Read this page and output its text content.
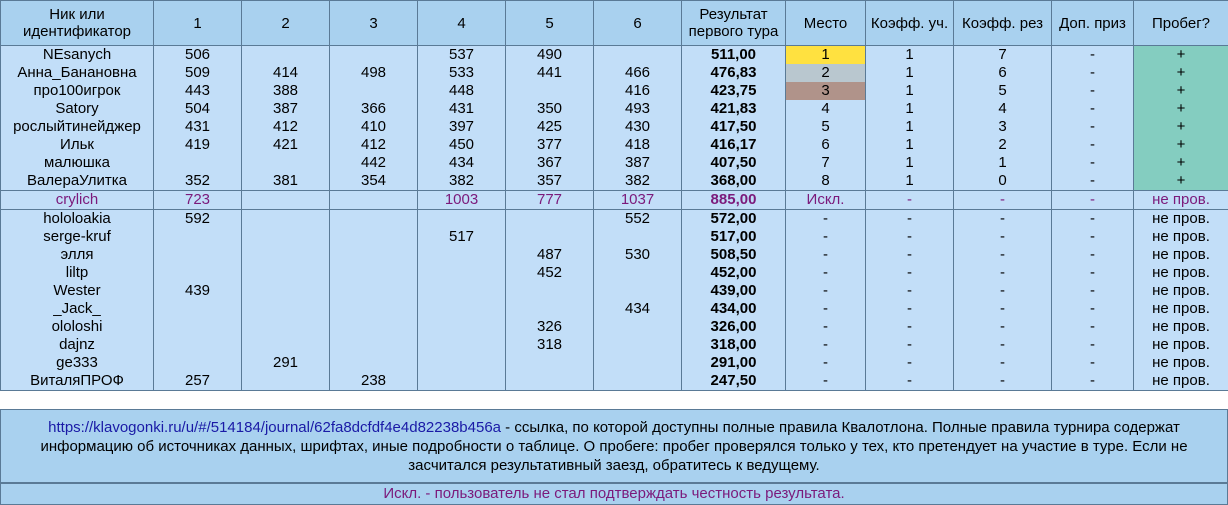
Ник или
идентификатор	1	2	3	4	5	6	Результат
первого тура	Место	Коэфф. уч.	Коэфф. рез	Доп. приз	Пробег?
NEsanych	506			537	490		511,00	1	1	7	-	+
Анна_Банановна	509	414	498	533	441	466	476,83	2	1	6	-	+
про100игрок	443	388		448		416	423,75	3	1	5	-	+
Satory	504	387	366	431	350	493	421,83	4	1	4	-	+
рослыйтинейджер	431	412	410	397	425	430	417,50	5	1	3	-	+
Ильк	419	421	412	450	377	418	416,17	6	1	2	-	+
малюшка			442	434	367	387	407,50	7	1	1	-	+
ВалераУлитка	352	381	354	382	357	382	368,00	8	1	0	-	+
crylich	723			1003	777	1037	885,00	Искл.	-	-	-	не пров.
hololoakia	592					552	572,00	-	-	-	-	не пров.
serge-kruf				517			517,00	-	-	-	-	не пров.
элля					487	530	508,50	-	-	-	-	не пров.
liltp					452		452,00	-	-	-	-	не пров.
Wester	439						439,00	-	-	-	-	не пров.
_Jack_						434	434,00	-	-	-	-	не пров.
ololoshi					326		326,00	-	-	-	-	не пров.
dajnz					318		318,00	-	-	-	-	не пров.
ge333		291					291,00	-	-	-	-	не пров.
ВиталяПРОФ	257		238				247,50	-	-	-	-	не пров.
https://klavogonki.ru/u/#/514184/journal/62fa8dcfdf4e4d82238b456a - ссылка, по которой доступны полные правила Квалотлона. Полные правила турнира содержат информацию об источниках данных, шрифтах, иные подробности о таблице. О пробеге: пробег проверялся только у тех, кто претендует на участие в туре. Если не засчитался результативный заезд, обратитесь к ведущему.
Искл. - пользователь не стал подтверждать честность результата.
